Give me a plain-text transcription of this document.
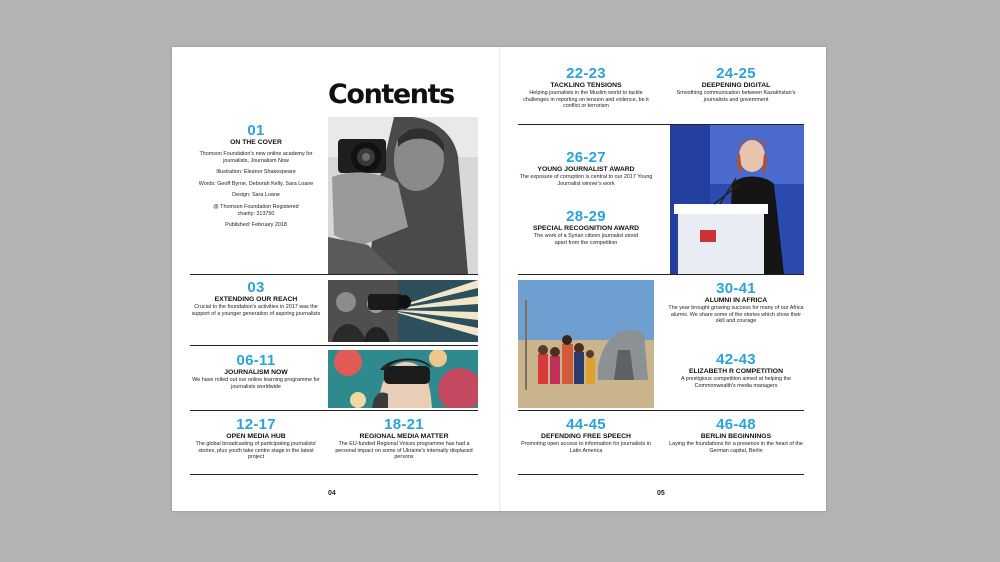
Contents
01
ON THE COVER
Thomson Foundation's new online academy for journalists, Journalism Now
Illustration: Eleanor Shakespeare
Words: Geoff Byrne, Deborah Kelly, Sara Loane
Design: Sara Loane
@ Thomson Foundation Registered charity: 313750
Published: February 2018
03
EXTENDING OUR REACH
Crucial to the foundation's activities in 2017 was the support of a younger generation of aspiring journalists
06-11
JOURNALISM NOW
We have rolled out our online learning programme for journalists worldwide
12-17
OPEN MEDIA HUB
The global broadcasting of participating journalists' stories, plus youth take centre stage in the latest project
18-21
REGIONAL MEDIA MATTER
The EU-funded Regional Voices programme has had a personal impact on some of Ukraine's internally displaced persons
22-23
TACKLING TENSIONS
Helping journalists in the Muslim world to tackle challenges in reporting on tension and violence, be it conflict or terrorism
24-25
DEEPENING DIGITAL
Smoothing communication between Kazakhstan's journalists and government
26-27
YOUNG JOURNALIST AWARD
The exposure of corruption is central to our 2017 Young Journalist winner's work
28-29
SPECIAL RECOGNITION AWARD
The work of a Syrian citizen journalist stood apart from the competition
30-41
ALUMNI IN AFRICA
The year brought growing success for many of our Africa alumni. We share some of the stories which show their skill and courage
42-43
ELIZABETH R COMPETITION
A prestigious competition aimed at helping the Commonwealth's media managers
44-45
DEFENDING FREE SPEECH
Promoting open access to information for journalists in Latin America
46-48
BERLIN BEGINNINGS
Laying the foundations for a presence in the heart of the German capital, Berlin
04	05
